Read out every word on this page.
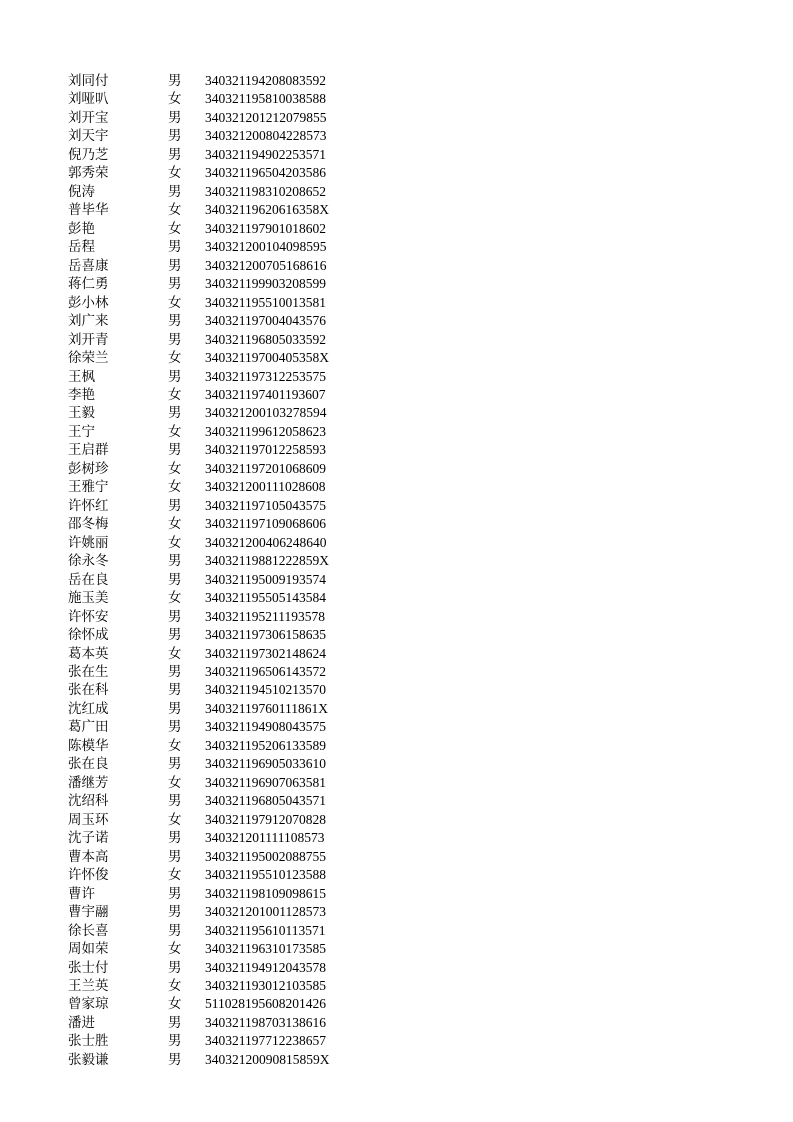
刘同付	男 340321194208083592
刘哑叭	女 340321195810038588
刘开宝	男 340321201212079855
刘天宇	男 340321200804228573
倪乃芝	男 340321194902253571
郭秀荣	女 340321196504203586
倪涛	男 340321198310208652
普毕华	女 34032119620616358X
彭艳	女 340321197901018602
岳程	男 340321200104098595
岳喜康	男 340321200705168616
蒋仁勇	男 340321199903208599
彭小林	女 340321195510013581
刘广来	男 340321197004043576
刘开青	男 340321196805033592
徐荣兰	女 34032119700405358X
王枫	男 340321197312253575
李艳	女 340321197401193607
王毅	男 340321200103278594
王宁	女 340321199612058623
王启群	男 340321197012258593
彭树珍	女 340321197201068609
王雅宁	女 340321200111028608
许怀红	男 340321197105043575
邵冬梅	女 340321197109068606
许姚丽	女 340321200406248640
徐永冬	男 34032119881222859X
岳在良	男 340321195009193574
施玉美	女 340321195505143584
许怀安	男 340321195211193578
徐怀成	男 340321197306158635
葛本英	女 340321197302148624
张在生	男 340321196506143572
张在科	男 340321194510213570
沈红成	男 34032119760111861X
葛广田	男 340321194908043575
陈模华	女 340321195206133589
张在良	男 340321196905033610
潘继芳	女 340321196907063581
沈绍科	男 340321196805043571
周玉环	女 340321197912070828
沈子诺	男 340321201111108573
曹本高	男 340321195002088755
许怀俊	女 340321195510123588
曹许	男 340321198109098615
曹宇翮	男 340321201001128573
徐长喜	男 340321195610113571
周如荣	女 340321196310173585
张士付	男 340321194912043578
王兰英	女 340321193012103585
曾家琼	女 511028195608201426
潘进	男 340321198703138616
张士胜	男 340321197712238657
张毅谦	男 34032120090815859X
